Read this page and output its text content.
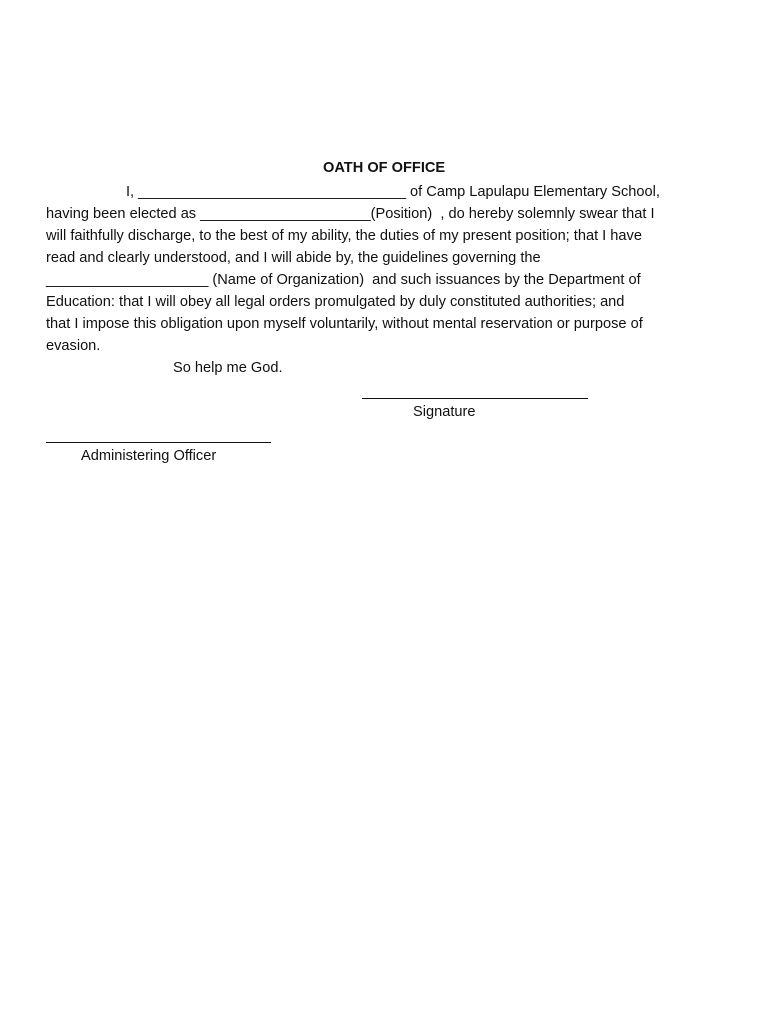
OATH OF OFFICE
I, _________________________________ of Camp Lapulapu Elementary School,
having been elected as _____________________(Position)  , do hereby solemnly swear that I
will faithfully discharge, to the best of my ability, the duties of my present position; that I have
read and clearly understood, and I will abide by, the guidelines governing the
____________________ (Name of Organization)  and such issuances by the Department of
Education: that I will obey all legal orders promulgated by duly constituted authorities; and
that I impose this obligation upon myself voluntarily, without mental reservation or purpose of
evasion.
So help me God.
Signature
Administering Officer
